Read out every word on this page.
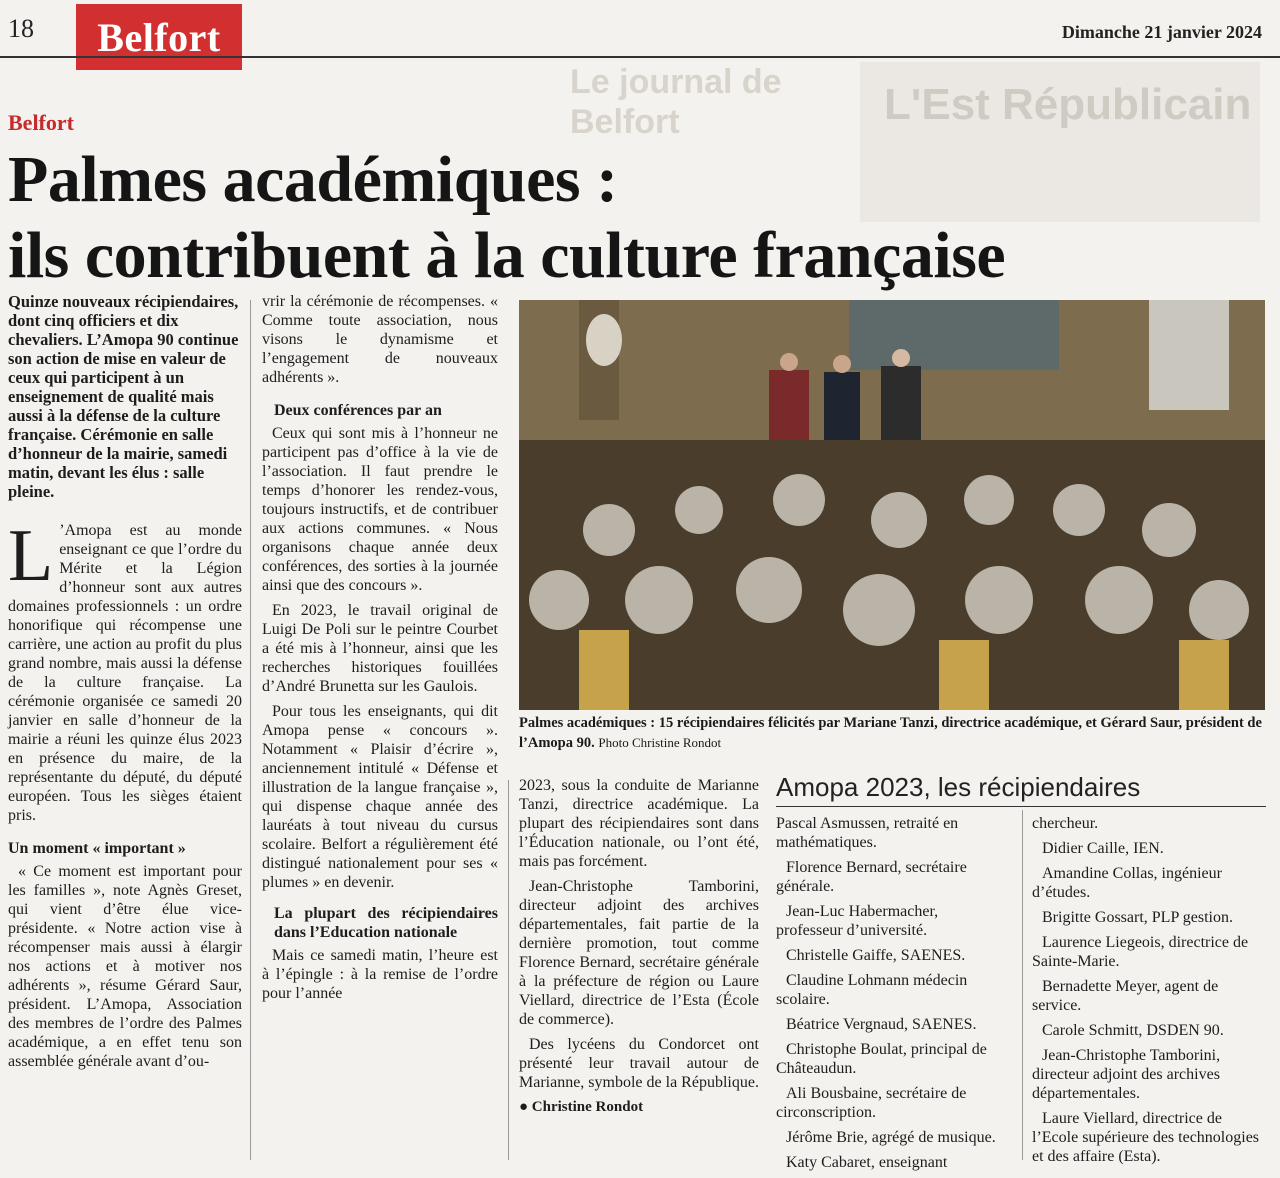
18	Belfort	Dimanche 21 janvier 2024
L'Est Républicain
Le journal de Belfort
Belfort
Palmes académiques :
ils contribuent à la culture française
Quinze nouveaux récipiendaires, dont cinq officiers et dix chevaliers. L’Amopa 90 continue son action de mise en valeur de ceux qui participent à un enseignement de qualité mais aussi à la défense de la culture française. Cérémonie en salle d’honneur de la mairie, samedi matin, devant les élus : salle pleine.

L ’Amopa est au monde enseignant ce que l’ordre du Mérite et la Légion d’honneur sont aux autres domaines professionnels : un ordre honorifique qui récompense une carrière, une action au profit du plus grand nombre, mais aussi la défense de la culture française. La cérémonie organisée ce samedi 20 janvier en salle d’honneur de la mairie a réuni les quinze élus 2023 en présence du maire, de la représentante du député, du député européen. Tous les sièges étaient pris.

Un moment « important »

« Ce moment est important pour les familles », note Agnès Greset, qui vient d’être élue vice-présidente. « Notre action vise à récompenser mais aussi à élargir nos actions et à motiver nos adhérents », résume Gérard Saur, président. L’Amopa, Association des membres de l’ordre des Palmes académique, a en effet tenu son assemblée générale avant d’ou-

vrir la cérémonie de récompenses. « Comme toute association, nous visons le dynamisme et l’engagement de nouveaux adhérents ».

Deux conférences par an

Ceux qui sont mis à l’honneur ne participent pas d’office à la vie de l’association. Il faut prendre le temps d’honorer les rendez-vous, toujours instructifs, et de contribuer aux actions communes. « Nous organisons chaque année deux conférences, des sorties à la journée ainsi que des concours ».

En 2023, le travail original de Luigi De Poli sur le peintre Courbet a été mis à l’honneur, ainsi que les recherches historiques fouillées d’André Brunetta sur les Gaulois.

Pour tous les enseignants, qui dit Amopa pense « concours ». Notamment « Plaisir d’écrire », anciennement intitulé « Défense et illustration de la langue française », qui dispense chaque année des lauréats à tout niveau du cursus scolaire. Belfort a régulièrement été distingué nationalement pour ses « plumes » en devenir.

La plupart des récipiendaires dans l’Education nationale

Mais ce samedi matin, l’heure est à l’épingle : à la remise de l’ordre pour l’année

Palmes académiques : 15 récipiendaires félicités par Mariane Tanzi, directrice académique, et Gérard Saur, président de l’Amopa 90. Photo Christine Rondot

2023, sous la conduite de Marianne Tanzi, directrice académique. La plupart des récipiendaires sont dans l’Éducation nationale, ou l’ont été, mais pas forcément.

Jean-Christophe Tamborini, directeur adjoint des archives départementales, fait partie de la dernière promotion, tout comme Florence Bernard, secrétaire générale à la préfecture de région ou Laure Viellard, directrice de l’Esta (École de commerce).

Des lycéens du Condorcet ont présenté leur travail autour de Marianne, symbole de la République.

● Christine Rondot
Amopa 2023, les récipiendaires

Pascal Asmussen, retraité en mathématiques.

Florence Bernard, secrétaire générale.

Jean-Luc Habermacher, professeur d’université.

Christelle Gaiffe, SAENES.

Claudine Lohmann médecin scolaire.

Béatrice Vergnaud, SAENES.

Christophe Boulat, principal de Châteaudun.

Ali Bousbaine, secrétaire de circonscription.

Jérôme Brie, agrégé de musique.

Katy Cabaret, enseignant

chercheur.

Didier Caille, IEN.

Amandine Collas, ingénieur d’études.

Brigitte Gossart, PLP gestion.

Laurence Liegeois, directrice de Sainte-Marie.

Bernadette Meyer, agent de service.

Carole Schmitt, DSDEN 90.

Jean-Christophe Tamborini, directeur adjoint des archives départementales.

Laure Viellard, directrice de l’Ecole supérieure des technologies et des affaire (Esta).
